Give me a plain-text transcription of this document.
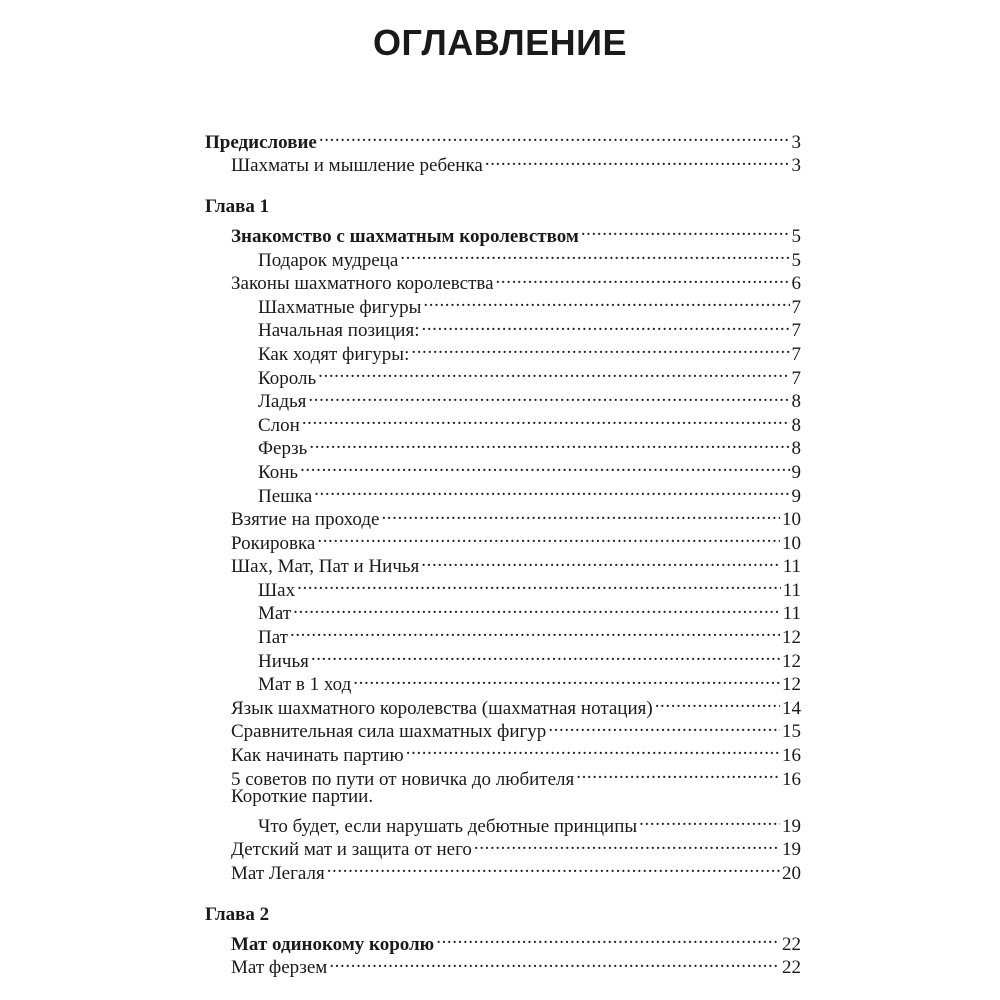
ОГЛАВЛЕНИЕ
Предисловие .....	3
Шахматы и мышление ребенка .....	3
Глава 1
Знакомство с шахматным королевством .....	5
Подарок мудреца .....	5
Законы шахматного королевства .....	6
Шахматные фигуры .....	7
Начальная позиция: .....	7
Как ходят фигуры: .....	7
Король .....	7
Ладья .....	8
Слон .....	8
Ферзь .....	8
Конь .....	9
Пешка .....	9
Взятие на проходе .....	10
Рокировка .....	10
Шах, Мат, Пат и Ничья .....	11
Шах .....	11
Мат .....	11
Пат .....	12
Ничья .....	12
Мат в 1 ход .....	12
Язык шахматного королевства (шахматная нотация) .....	14
Сравнительная сила шахматных фигур .....	15
Как начинать партию .....	16
5 советов по пути от новичка до любителя .....	16
Короткие партии.
Что будет, если нарушать дебютные принципы .....	19
Детский мат и защита от него .....	19
Мат Легаля .....	20
Глава 2
Мат одинокому королю .....	22
Мат ферзем .....	22
